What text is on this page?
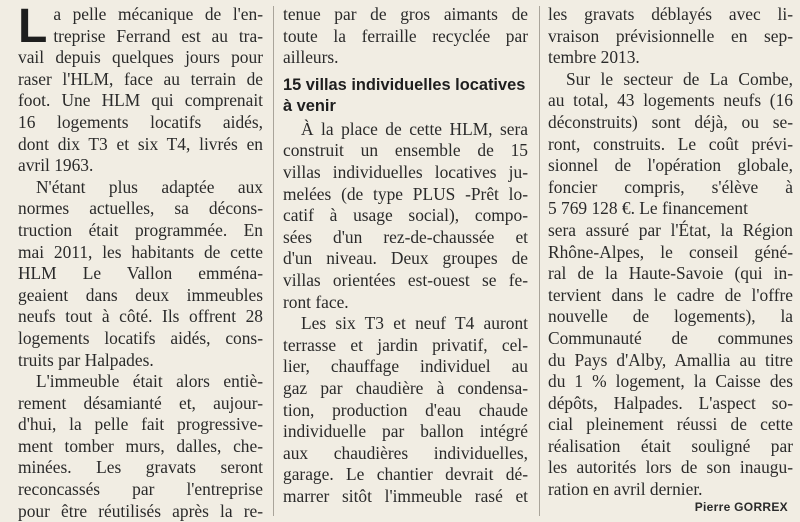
L a pelle mécanique de l'en-
treprise Ferrand est au tra-
vail depuis quelques jours pour
raser l'HLM, face au terrain de
foot. Une HLM qui comprenait
16 logements locatifs aidés,
dont dix T3 et six T4, livrés en
avril 1963.
N'étant plus adaptée aux
normes actuelles, sa décons-
truction était programmée. En
mai 2011, les habitants de cette
HLM Le Vallon emména-
geaient dans deux immeubles
neufs tout à côté. Ils offrent 28
logements locatifs aidés, cons-
truits par Halpades.
L'immeuble était alors entiè-
rement désamianté et, aujour-
d'hui, la pelle fait progressive-
ment tomber murs, dalles, che-
minées. Les gravats seront
reconcassés par l'entreprise
pour être réutilisés après la re-
tenue par de gros aimants de
toute la ferraille recyclée par
ailleurs.
15 villas individuelles locatives
à venir
À la place de cette HLM, sera
construit un ensemble de 15
villas individuelles locatives ju-
melées (de type PLUS -Prêt lo-
catif à usage social), compo-
sées d'un rez-de-chaussée et
d'un niveau. Deux groupes de
villas orientées est-ouest se fe-
ront face.
Les six T3 et neuf T4 auront
terrasse et jardin privatif, cel-
lier, chauffage individuel au
gaz par chaudière à condensa-
tion, production d'eau chaude
individuelle par ballon intégré
aux chaudières individuelles,
garage. Le chantier devrait dé-
marrer sitôt l'immeuble rasé et
les gravats déblayés avec li-
vraison prévisionnelle en sep-
tembre 2013.
Sur le secteur de La Combe,
au total, 43 logements neufs (16
déconstruits) sont déjà, ou se-
ront, construits. Le coût prévi-
sionnel de l'opération globale,
foncier compris, s'élève à
5 769 128 €. Le financement
sera assuré par l'État, la Région
Rhône-Alpes, le conseil géné-
ral de la Haute-Savoie (qui in-
tervient dans le cadre de l'offre
nouvelle de logements), la
Communauté de communes
du Pays d'Alby, Amallia au titre
du 1 % logement, la Caisse des
dépôts, Halpades. L'aspect so-
cial pleinement réussi de cette
réalisation était souligné par
les autorités lors de son inaugu-
ration en avril dernier.
Pierre GORREX
